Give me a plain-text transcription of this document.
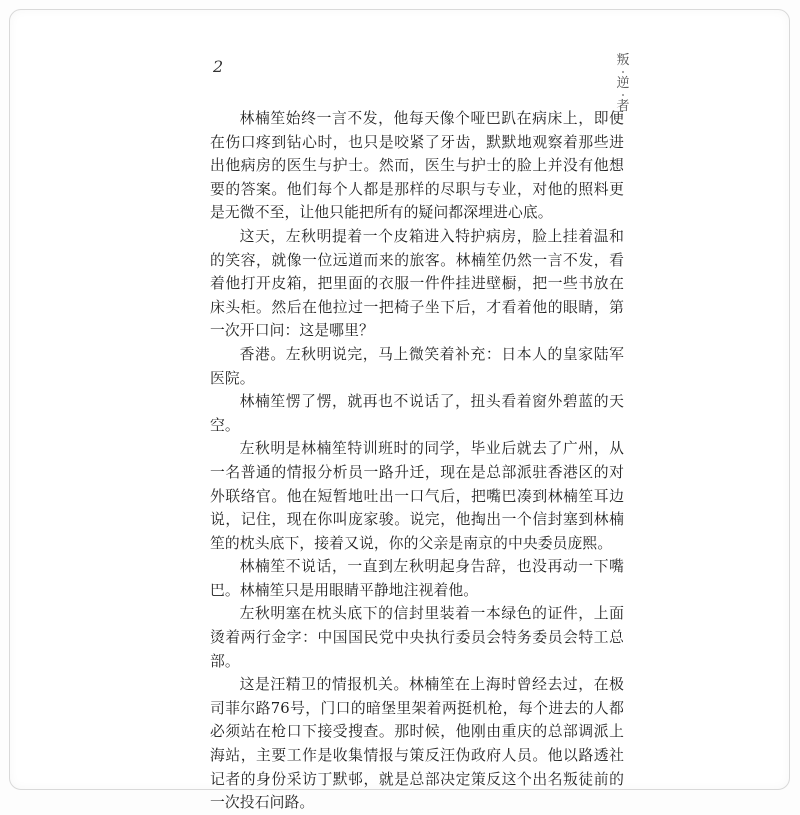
2	叛
逆
者

林楠笙始终一言不发，他每天像个哑巴趴在病床上，即便在伤口疼到钻心时，也只是咬紧了牙齿，默默地观察着那些进出他病房的医生与护士。然而，医生与护士的脸上并没有他想要的答案。他们每个人都是那样的尽职与专业，对他的照料更是无微不至，让他只能把所有的疑问都深埋进心底。

这天，左秋明提着一个皮箱进入特护病房，脸上挂着温和的笑容，就像一位远道而来的旅客。林楠笙仍然一言不发，看着他打开皮箱，把里面的衣服一件件挂进壁橱，把一些书放在床头柜。然后在他拉过一把椅子坐下后，才看着他的眼睛，第一次开口问：这是哪里？

香港。左秋明说完，马上微笑着补充：日本人的皇家陆军医院。

林楠笙愣了愣，就再也不说话了，扭头看着窗外碧蓝的天空。

左秋明是林楠笙特训班时的同学，毕业后就去了广州，从一名普通的情报分析员一路升迁，现在是总部派驻香港区的对外联络官。他在短暂地吐出一口气后，把嘴巴凑到林楠笙耳边说，记住，现在你叫庞家骏。说完，他掏出一个信封塞到林楠笙的枕头底下，接着又说，你的父亲是南京的中央委员庞熙。

林楠笙不说话，一直到左秋明起身告辞，也没再动一下嘴巴。林楠笙只是用眼睛平静地注视着他。

左秋明塞在枕头底下的信封里装着一本绿色的证件，上面烫着两行金字：中国国民党中央执行委员会特务委员会特工总部。

这是汪精卫的情报机关。林楠笙在上海时曾经去过，在极司菲尔路76号，门口的暗堡里架着两挺机枪，每个进去的人都必须站在枪口下接受搜查。那时候，他刚由重庆的总部调派上海站，主要工作是收集情报与策反汪伪政府人员。他以路透社记者的身份采访丁默邨，就是总部决定策反这个出名叛徒前的一次投石问路。
